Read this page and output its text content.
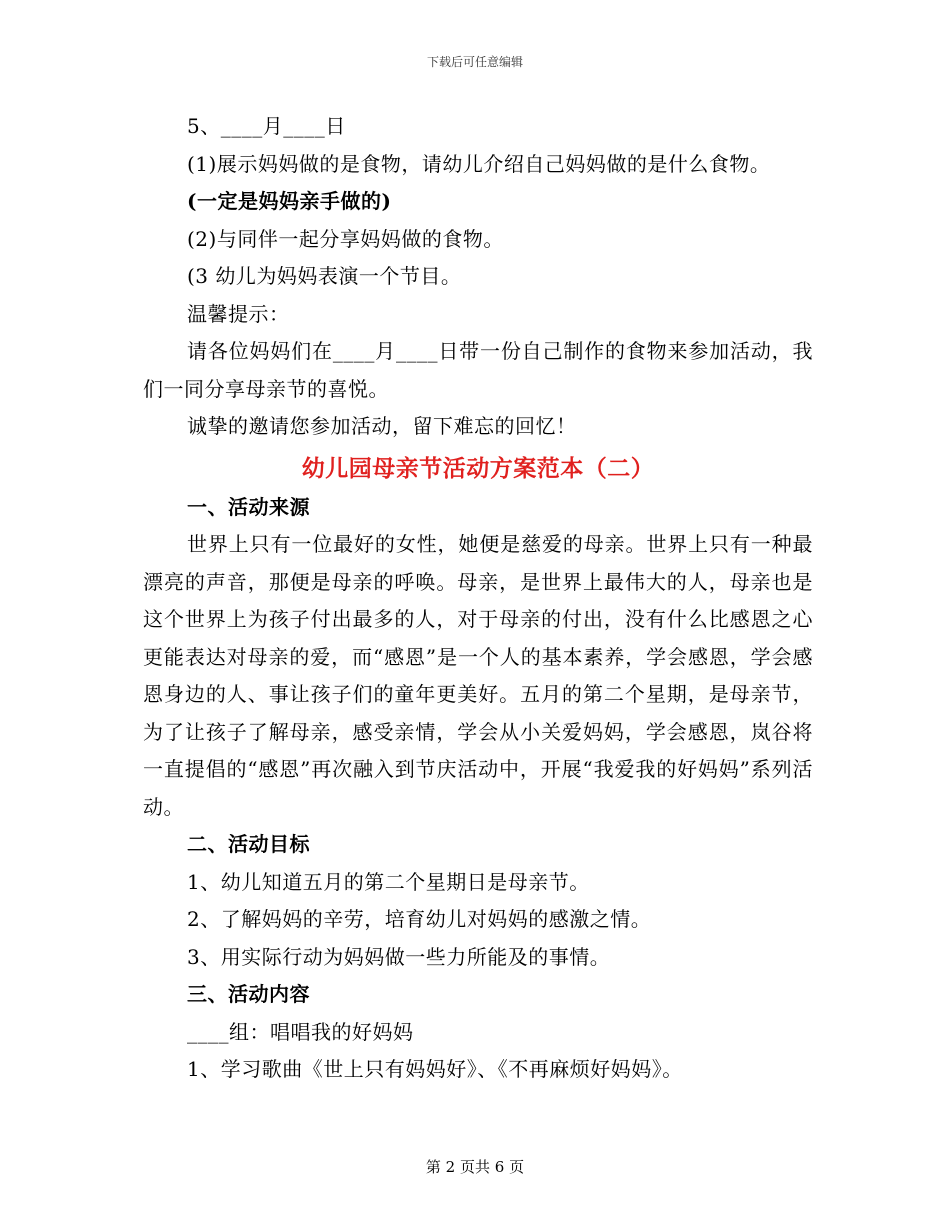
下载后可任意编辑
5、____月____日
(1)展示妈妈做的是食物，请幼儿介绍自己妈妈做的是什么食物。
(一定是妈妈亲手做的)
(2)与同伴一起分享妈妈做的食物。
(3 幼儿为妈妈表演一个节目。
温馨提示：
请各位妈妈们在____月____日带一份自己制作的食物来参加活动，我们一同分享母亲节的喜悦。
诚挚的邀请您参加活动，留下难忘的回忆！
幼儿园母亲节活动方案范本（二）
一、活动来源
世界上只有一位最好的女性，她便是慈爱的母亲。世界上只有一种最漂亮的声音，那便是母亲的呼唤。母亲，是世界上最伟大的人，母亲也是这个世界上为孩子付出最多的人，对于母亲的付出，没有什么比感恩之心更能表达对母亲的爱，而“感恩”是一个人的基本素养，学会感恩，学会感恩身边的人、事让孩子们的童年更美好。五月的第二个星期，是母亲节，为了让孩子了解母亲，感受亲情，学会从小关爱妈妈，学会感恩，岚谷将一直提倡的“感恩”再次融入到节庆活动中，开展“我爱我的好妈妈”系列活动。
二、活动目标
1、幼儿知道五月的第二个星期日是母亲节。
2、了解妈妈的辛劳，培育幼儿对妈妈的感激之情。
3、用实际行动为妈妈做一些力所能及的事情。
三、活动内容
____组：唱唱我的好妈妈
1、学习歌曲《世上只有妈妈好》、《不再麻烦好妈妈》。
第 2 页共 6 页
